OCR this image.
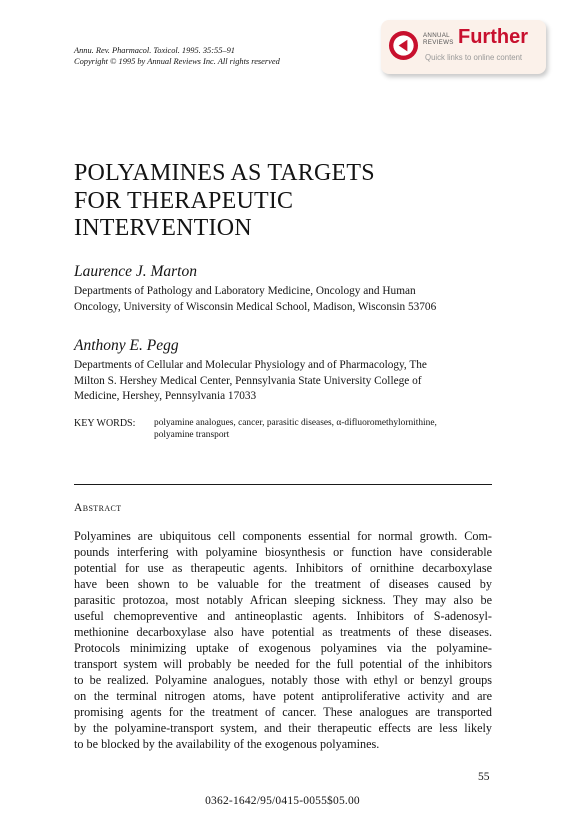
Annu. Rev. Pharmacol. Toxicol. 1995. 35:55–91
Copyright © 1995 by Annual Reviews Inc. All rights reserved
ANNUAL
REVIEWS Further
Quick links to online content
POLYAMINES AS TARGETS
FOR THERAPEUTIC
INTERVENTION
Laurence J. Marton
Departments of Pathology and Laboratory Medicine, Oncology and Human
Oncology, University of Wisconsin Medical School, Madison, Wisconsin 53706
Anthony E. Pegg
Departments of Cellular and Molecular Physiology and of Pharmacology, The
Milton S. Hershey Medical Center, Pennsylvania State University College of
Medicine, Hershey, Pennsylvania 17033
KEY WORDS: polyamine analogues, cancer, parasitic diseases, α-difluoromethylornithine,
polyamine transport
Abstract
Polyamines are ubiquitous cell components essential for normal growth. Com-
pounds interfering with polyamine biosynthesis or function have considerable
potential for use as therapeutic agents. Inhibitors of ornithine decarboxylase
have been shown to be valuable for the treatment of diseases caused by
parasitic protozoa, most notably African sleeping sickness. They may also be
useful chemopreventive and antineoplastic agents. Inhibitors of S-adenosyl-
methionine decarboxylase also have potential as treatments of these diseases.
Protocols minimizing uptake of exogenous polyamines via the polyamine-
transport system will probably be needed for the full potential of the inhibitors
to be realized. Polyamine analogues, notably those with ethyl or benzyl groups
on the terminal nitrogen atoms, have potent antiproliferative activity and are
promising agents for the treatment of cancer. These analogues are transported
by the polyamine-transport system, and their therapeutic effects are less likely
to be blocked by the availability of the exogenous polyamines.
55
0362-1642/95/0415-0055$05.00
